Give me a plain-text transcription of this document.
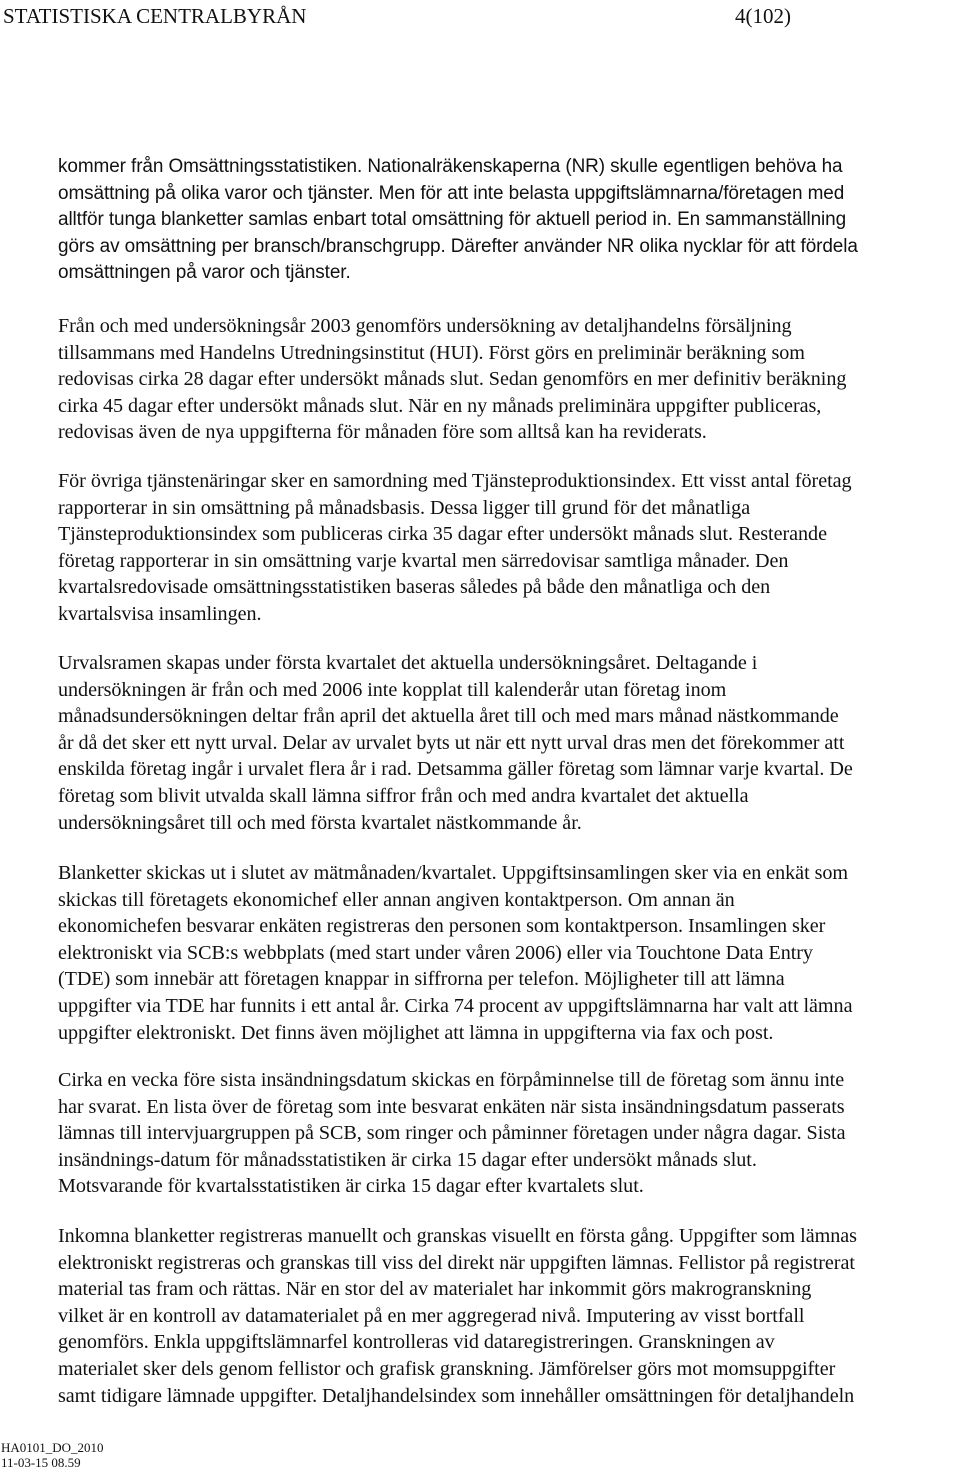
STATISTISKA CENTRALBYRÅN	4(102)
kommer från Omsättningsstatistiken. Nationalräkenskaperna (NR) skulle egentligen behöva ha
omsättning på olika varor och tjänster. Men för att inte belasta uppgiftslämnarna/företagen med
alltför tunga blanketter samlas enbart total omsättning för aktuell period in. En sammanställning
görs av omsättning per bransch/branschgrupp. Därefter använder NR olika nycklar för att fördela
omsättningen på varor och tjänster.
Från och med undersökningsår 2003 genomförs undersökning av detaljhandelns försäljning
tillsammans med Handelns Utredningsinstitut (HUI). Först görs en preliminär beräkning som
redovisas cirka 28 dagar efter undersökt månads slut. Sedan genomförs en mer definitiv beräkning
cirka 45 dagar efter undersökt månads slut. När en ny månads preliminära uppgifter publiceras,
redovisas även de nya uppgifterna för månaden före som alltså kan ha reviderats.
För övriga tjänstenäringar sker en samordning med Tjänsteproduktionsindex. Ett visst antal företag
rapporterar in sin omsättning på månadsbasis. Dessa ligger till grund för det månatliga
Tjänsteproduktionsindex som publiceras cirka 35 dagar efter undersökt månads slut. Resterande
företag rapporterar in sin omsättning varje kvartal men särredovisar samtliga månader. Den
kvartalsredovisade omsättningsstatistiken baseras således på både den månatliga och den
kvartalsvisa insamlingen.
Urvalsramen skapas under första kvartalet det aktuella undersökningsåret. Deltagande i
undersökningen är från och med 2006 inte kopplat till kalenderår utan företag inom
månadsundersökningen deltar från april det aktuella året till och med mars månad nästkommande
år då det sker ett nytt urval. Delar av urvalet byts ut när ett nytt urval dras men det förekommer att
enskilda företag ingår i urvalet flera år i rad. Detsamma gäller företag som lämnar varje kvartal. De
företag som blivit utvalda skall lämna siffror från och med andra kvartalet det aktuella
undersökningsåret till och med första kvartalet nästkommande år.
Blanketter skickas ut i slutet av mätmånaden/kvartalet. Uppgiftsinsamlingen sker via en enkät som
skickas till företagets ekonomichef eller annan angiven kontaktperson. Om annan än
ekonomichefen besvarar enkäten registreras den personen som kontaktperson. Insamlingen sker
elektroniskt via SCB:s webbplats (med start under våren 2006) eller via Touchtone Data Entry
(TDE) som innebär att företagen knappar in siffrorna per telefon. Möjligheter till att lämna
uppgifter via TDE har funnits i ett antal år. Cirka 74 procent av uppgiftslämnarna har valt att lämna
uppgifter elektroniskt. Det finns även möjlighet att lämna in uppgifterna via fax och post.
Cirka en vecka före sista insändningsdatum skickas en förpåminnelse till de företag som ännu inte
har svarat. En lista över de företag som inte besvarat enkäten när sista insändningsdatum passerats
lämnas till intervjuargruppen på SCB, som ringer och påminner företagen under några dagar. Sista
insändnings-datum för månadsstatistiken är cirka 15 dagar efter undersökt månads slut.
Motsvarande för kvartalsstatistiken är cirka 15 dagar efter kvartalets slut.
Inkomna blanketter registreras manuellt och granskas visuellt en första gång. Uppgifter som lämnas
elektroniskt registreras och granskas till viss del direkt när uppgiften lämnas. Fellistor på registrerat
material tas fram och rättas. När en stor del av materialet har inkommit görs makrogranskning
vilket är en kontroll av datamaterialet på en mer aggregerad nivå. Imputering av visst bortfall
genomförs. Enkla uppgiftslämnarfel kontrolleras vid dataregistreringen. Granskningen av
materialet sker dels genom fellistor och grafisk granskning. Jämförelser görs mot momsuppgifter
samt tidigare lämnade uppgifter. Detaljhandelsindex som innehåller omsättningen för detaljhandeln
HA0101_DO_2010
11-03-15 08.59
